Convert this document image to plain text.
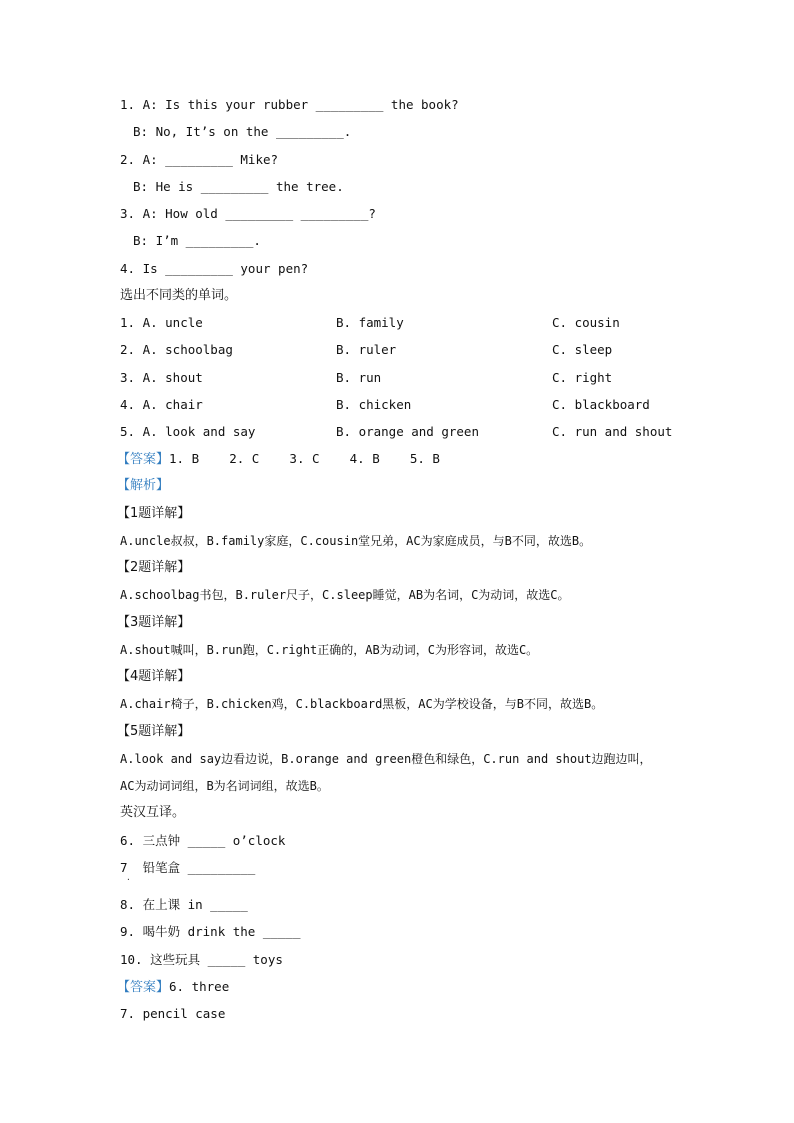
1. A: Is this your rubber _________ the book?
B: No, It’s on the _________.
2. A: _________ Mike?
B: He is _________ the tree.
3. A: How old _________ _________?
B: I’m _________.
4. Is _________ your pen?
选出不同类的单词。

1. A. uncle

	B. family

	C. cousin

2. A. schoolbag

	B. ruler

	C. sleep

3. A. shout

	B. run

	C. right

4. A. chair

	B. chicken

	C. blackboard

5. A. look and say

	B. orange and green

	C. run and shout

【答案】1. B    2. C    3. C    4. B    5. B
【解析】
【1题详解】
A.uncle叔叔，B.family家庭，C.cousin堂兄弟，AC为家庭成员，与B不同，故选B。
【2题详解】
A.schoolbag书包，B.ruler尺子，C.sleep睡觉，AB为名词，C为动词，故选C。
【3题详解】
A.shout喊叫，B.run跑，C.right正确的，AB为动词，C为形容词，故选C。
【4题详解】
A.chair椅子，B.chicken鸡，C.blackboard黑板，AC为学校设备，与B不同，故选B。
【5题详解】
A.look and say边看边说，B.orange and green橙色和绿色，C.run and shout边跑边叫，
AC为动词词组，B为名词词组，故选B。
英汉互译。
6. 三点钟 _____ o’clock
7  铅笔盒 _________
·
8. 在上课 in _____
9. 喝牛奶 drink the _____
10. 这些玩具 _____ toys
【答案】6. three
7. pencil case
